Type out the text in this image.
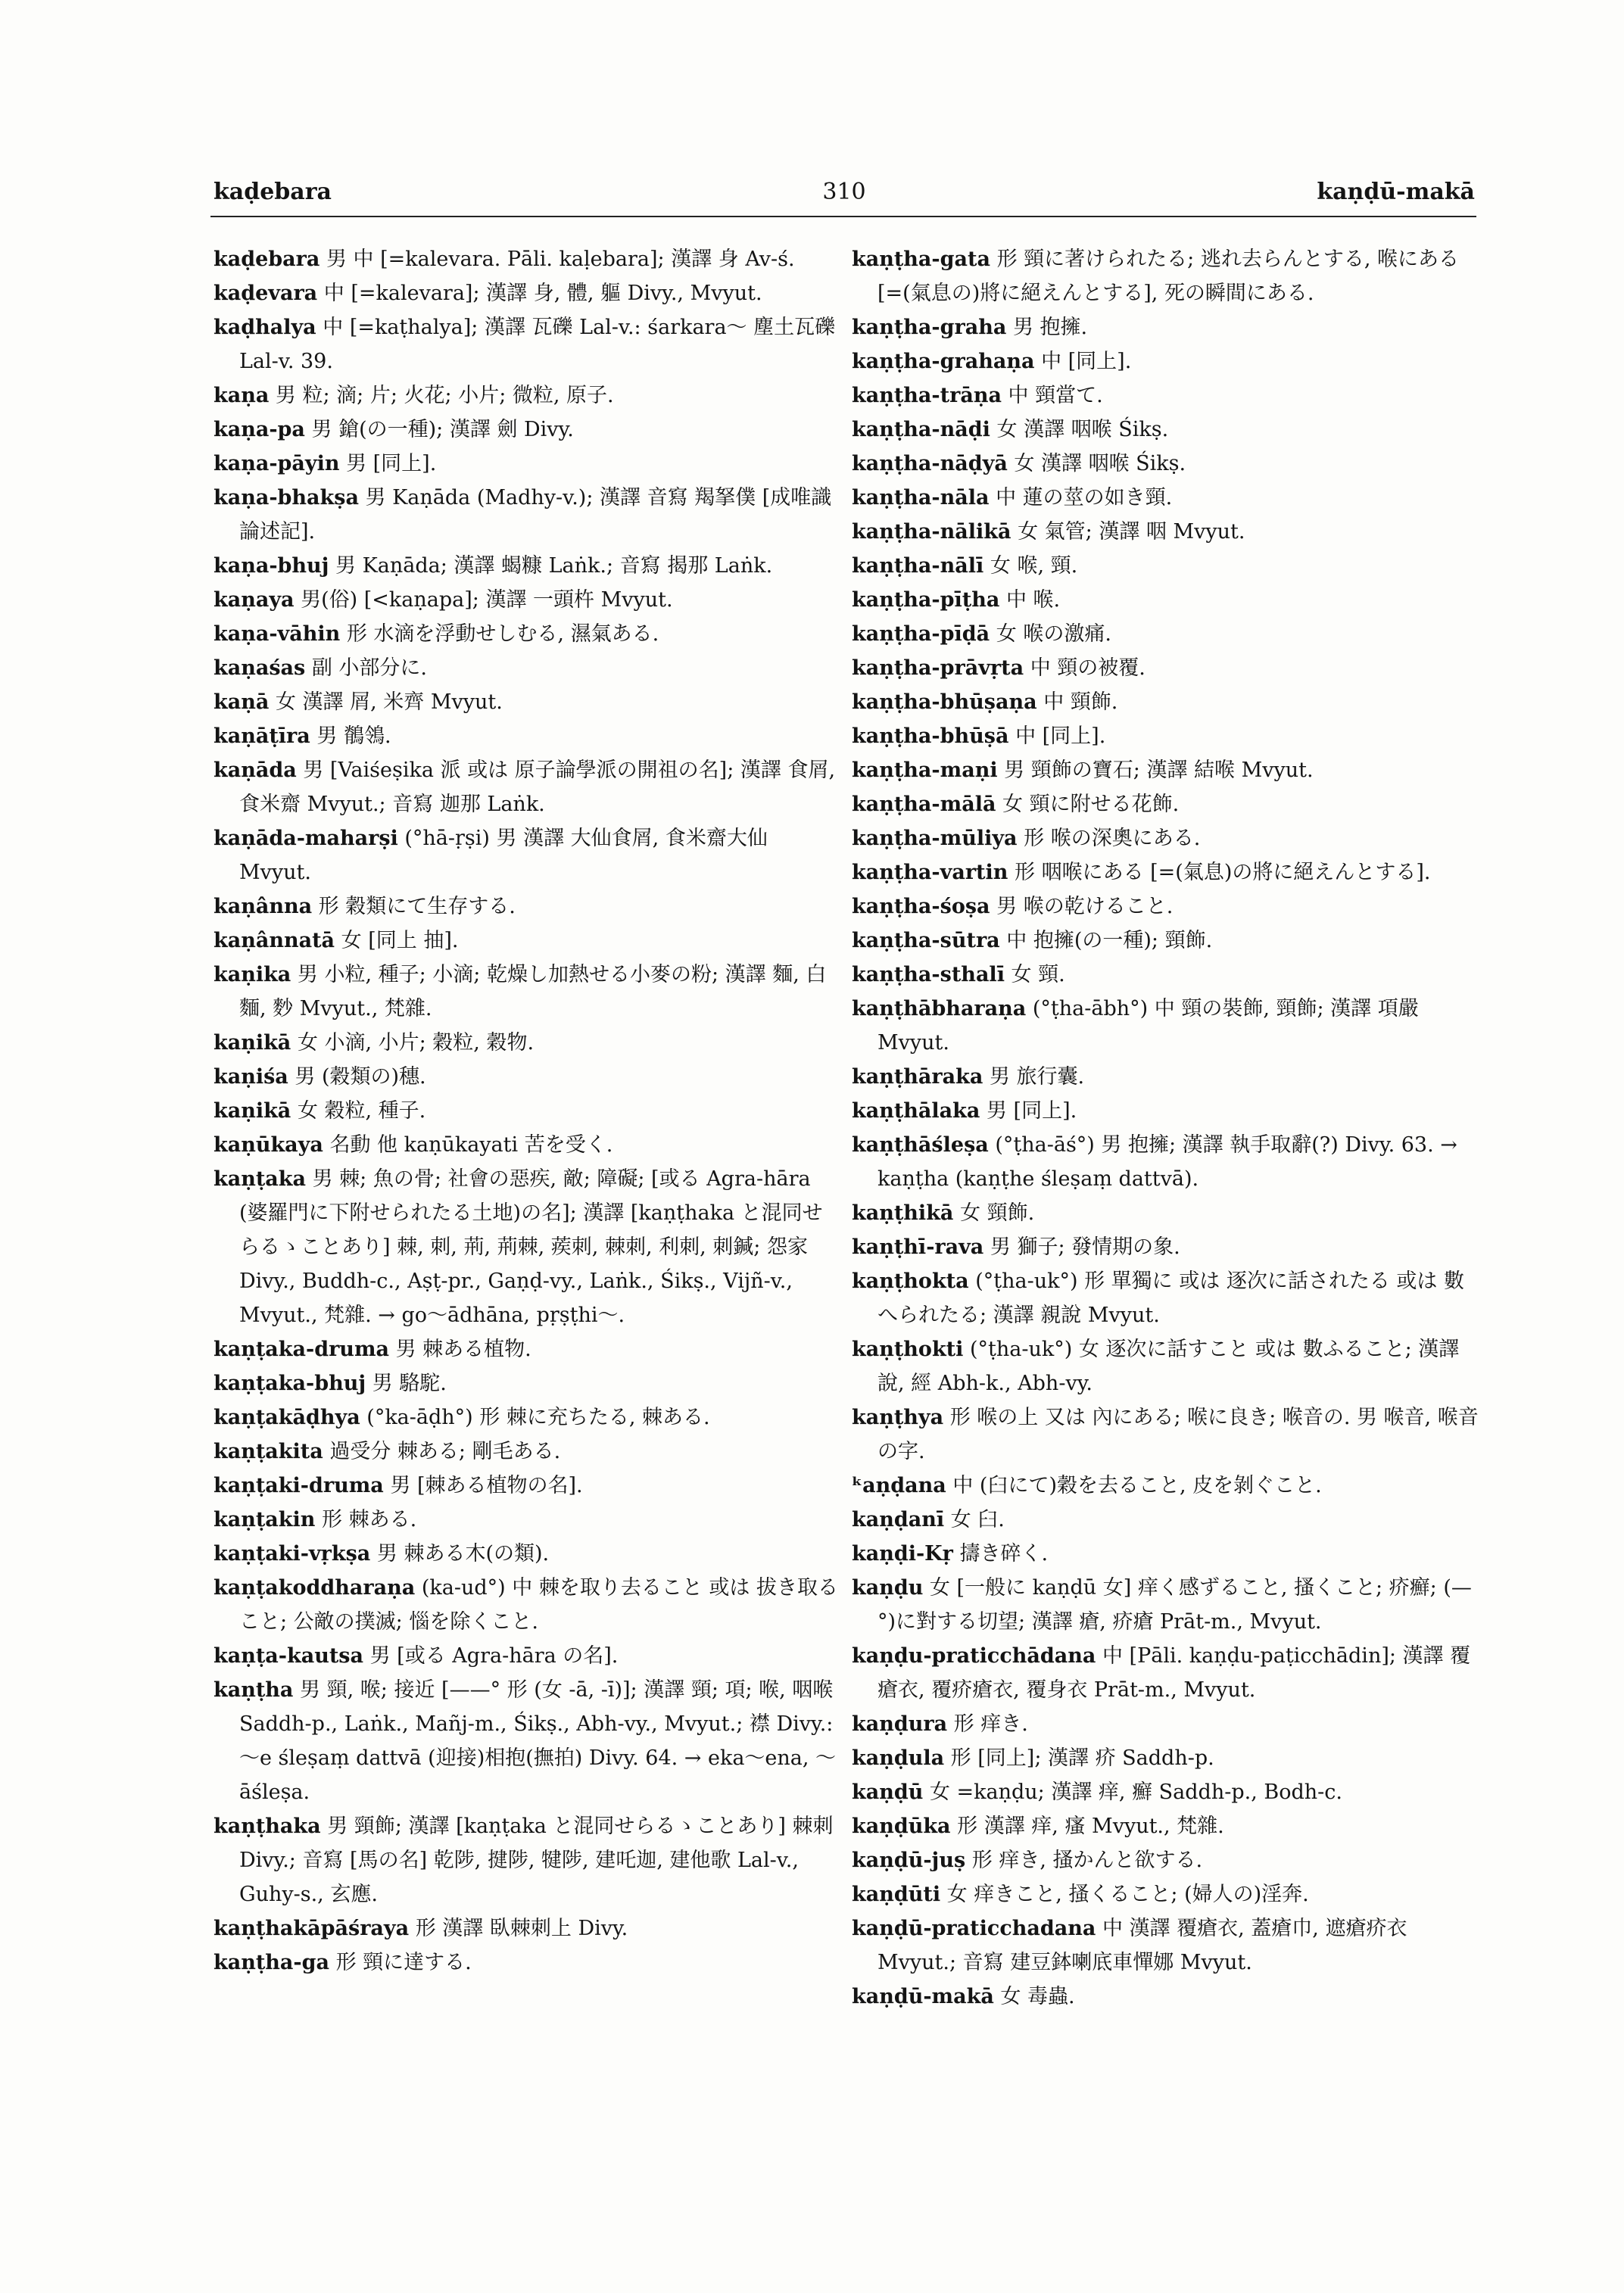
kaḍebara	310	kaṇḍū-makā

kaḍebara 男 中 [=kalevara. Pāli. kaḷebara]; 漢譯 身 Av-ś.

kaḍevara 中 [=kalevara]; 漢譯 身, 體, 軀 Divy., Mvyut.

kaḍhalya 中 [=kaṭhalya]; 漢譯 瓦礫 Lal-v.: śarkara〜 塵土瓦礫 Lal-v. 39.

kaṇa 男 粒; 滴; 片; 火花; 小片; 微粒, 原子.

kaṇa-pa 男 鎗(の一種); 漢譯 劍 Divy.

kaṇa-pāyin 男 [同上].

kaṇa-bhakṣa 男 Kaṇāda (Madhy-v.); 漢譯 音寫 羯拏僕 [成唯識論述記].

kaṇa-bhuj 男 Kaṇāda; 漢譯 蝎糠 Laṅk.; 音寫 揭那 Laṅk.

kaṇaya 男(俗) [<kaṇapa]; 漢譯 一頭杵 Mvyut.

kaṇa-vāhin 形 水滴を浮動せしむる, 濕氣ある.

kaṇaśas 副 小部分に.

kaṇā 女 漢譯 屑, 米齊 Mvyut.

kaṇāṭīra 男 鶺鴒.

kaṇāda 男 [Vaiśeṣika 派 或は 原子論學派の開祖の名]; 漢譯 食屑, 食米齋 Mvyut.; 音寫 迦那 Laṅk.

kaṇāda-maharṣi (°hā-ṛṣi) 男 漢譯 大仙食屑, 食米齋大仙 Mvyut.

kaṇânna 形 穀類にて生存する.

kaṇânnatā 女 [同上 抽].

kaṇika 男 小粒, 種子; 小滴; 乾燥し加熱せる小麥の粉; 漢譯 麵, 白麵, 麨 Mvyut., 梵雜.

kaṇikā 女 小滴, 小片; 穀粒, 穀物.

kaṇiśa 男 (穀類の)穗.

kaṇikā 女 穀粒, 種子.

kaṇūkaya 名動 他 kaṇūkayati 苦を受く.

kaṇṭaka 男 棘; 魚の骨; 社會の惡疾, 敵; 障礙; [或る Agra-hāra (婆羅門に下附せられたる土地)の名]; 漢譯 [kaṇṭhaka と混同せらるゝことあり] 棘, 刺, 荊, 荊棘, 蒺刺, 棘刺, 利刺, 刺鍼; 怨家 Divy., Buddh-c., Aṣṭ-pr., Gaṇḍ-vy., Laṅk., Śikṣ., Vijñ-v., Mvyut., 梵雜. → go〜ādhāna, pṛṣṭhi〜.

kaṇṭaka-druma 男 棘ある植物.

kaṇṭaka-bhuj 男 駱駝.

kaṇṭakāḍhya (°ka-āḍh°) 形 棘に充ちたる, 棘ある.

kaṇṭakita 過受分 棘ある; 剛毛ある.

kaṇṭaki-druma 男 [棘ある植物の名].

kaṇṭakin 形 棘ある.

kaṇṭaki-vṛkṣa 男 棘ある木(の類).

kaṇṭakoddharaṇa (ka-ud°) 中 棘を取り去ること 或は 拔き取ること; 公敵の撲滅; 惱を除くこと.

kaṇṭa-kautsa 男 [或る Agra-hāra の名].

kaṇṭha 男 頸, 喉; 接近 [——° 形 (女 -ā, -ī)]; 漢譯 頸; 項; 喉, 咽喉 Saddh-p., Laṅk., Mañj-m., Śikṣ., Abh-vy., Mvyut.; 襟 Divy.: 〜e śleṣaṃ dattvā (迎接)相抱(撫拍) Divy. 64. → eka〜ena, 〜āśleṣa.

kaṇṭhaka 男 頸飾; 漢譯 [kaṇṭaka と混同せらるゝことあり] 棘刺 Divy.; 音寫 [馬の名] 乾陟, 揵陟, 犍陟, 建吒迦, 建他歌 Lal-v., Guhy-s., 玄應.

kaṇṭhakāpāśraya 形 漢譯 臥棘刺上 Divy.

kaṇṭha-ga 形 頸に達する.

kaṇṭha-gata 形 頸に著けられたる; 逃れ去らんとする, 喉にある [=(氣息の)將に絕えんとする], 死の瞬間にある.

kaṇṭha-graha 男 抱擁.

kaṇṭha-grahaṇa 中 [同上].

kaṇṭha-trāṇa 中 頸當て.

kaṇṭha-nāḍi 女 漢譯 咽喉 Śikṣ.

kaṇṭha-nāḍyā 女 漢譯 咽喉 Śikṣ.

kaṇṭha-nāla 中 蓮の莖の如き頸.

kaṇṭha-nālikā 女 氣管; 漢譯 咽 Mvyut.

kaṇṭha-nālī 女 喉, 頸.

kaṇṭha-pīṭha 中 喉.

kaṇṭha-pīḍā 女 喉の激痛.

kaṇṭha-prāvṛta 中 頸の被覆.

kaṇṭha-bhūṣaṇa 中 頸飾.

kaṇṭha-bhūṣā 中 [同上].

kaṇṭha-maṇi 男 頸飾の寶石; 漢譯 結喉 Mvyut.

kaṇṭha-mālā 女 頸に附せる花飾.

kaṇṭha-mūliya 形 喉の深奧にある.

kaṇṭha-vartin 形 咽喉にある [=(氣息)の將に絕えんとする].

kaṇṭha-śoṣa 男 喉の乾けること.

kaṇṭha-sūtra 中 抱擁(の一種); 頸飾.

kaṇṭha-sthalī 女 頸.

kaṇṭhābharaṇa (°ṭha-ābh°) 中 頸の裝飾, 頸飾; 漢譯 項嚴 Mvyut.

kaṇṭhāraka 男 旅行囊.

kaṇṭhālaka 男 [同上].

kaṇṭhāśleṣa (°ṭha-āś°) 男 抱擁; 漢譯 執手取辭(?) Divy. 63. → kaṇṭha (kaṇṭhe śleṣaṃ dattvā).

kaṇṭhikā 女 頸飾.

kaṇṭhī-rava 男 獅子; 發情期の象.

kaṇṭhokta (°ṭha-uk°) 形 單獨に 或は 逐次に話されたる 或は 數へられたる; 漢譯 親說 Mvyut.

kaṇṭhokti (°ṭha-uk°) 女 逐次に話すこと 或は 數ふること; 漢譯 說, 經 Abh-k., Abh-vy.

kaṇṭhya 形 喉の上 又は 內にある; 喉に良き; 喉音の. 男 喉音, 喉音の字.

ᵏaṇḍana 中 (臼にて)穀を去ること, 皮を剝ぐこと.

kaṇḍanī 女 臼.

kaṇḍi-Kṛ 擣き碎く.

kaṇḍu 女 [一般に kaṇḍū 女] 痒く感ずること, 搔くこと; 疥癬; (—°)に對する切望; 漢譯 瘡, 疥瘡 Prāt-m., Mvyut.

kaṇḍu-praticchādana 中 [Pāli. kaṇḍu-paṭicchādin]; 漢譯 覆瘡衣, 覆疥瘡衣, 覆身衣 Prāt-m., Mvyut.

kaṇḍura 形 痒き.

kaṇḍula 形 [同上]; 漢譯 疥 Saddh-p.

kaṇḍū 女 =kaṇḍu; 漢譯 痒, 癬 Saddh-p., Bodh-c.

kaṇḍūka 形 漢譯 痒, 瘙 Mvyut., 梵雜.

kaṇḍū-juṣ 形 痒き, 搔かんと欲する.

kaṇḍūti 女 痒きこと, 搔くること; (婦人の)淫奔.

kaṇḍū-praticchadana 中 漢譯 覆瘡衣, 蓋瘡巾, 遮瘡疥衣 Mvyut.; 音寫 建豆鉢喇底車憚娜 Mvyut.

kaṇḍū-makā 女 毒蟲.
